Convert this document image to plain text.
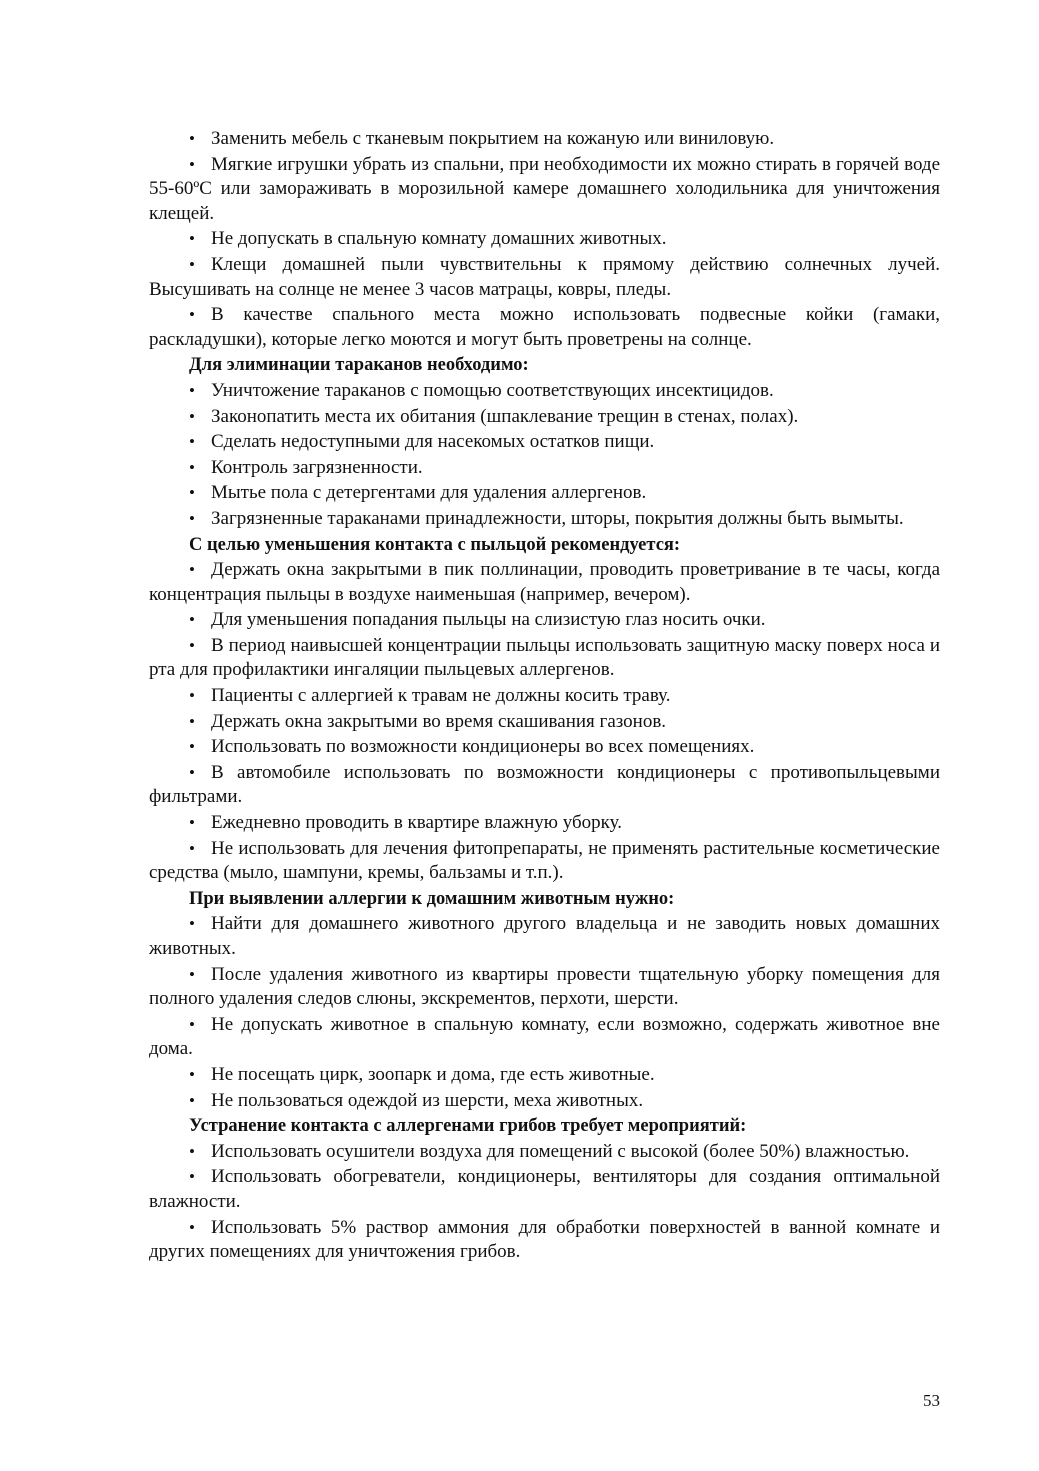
• Заменить мебель с тканевым покрытием на кожаную или виниловую.

• Мягкие игрушки убрать из спальни, при необходимости их можно стирать в горячей воде 55-60ºС или замораживать в морозильной камере домашнего холодильника для уничтожения клещей.

• Не допускать в спальную комнату домашних животных.

• Клещи домашней пыли чувствительны к прямому действию солнечных лучей. Высушивать на солнце не менее 3 часов матрацы, ковры, пледы.

• В качестве спального места можно использовать подвесные койки (гамаки, раскладушки), которые легко моются и могут быть проветрены на солнце.

Для элиминации тараканов необходимо:

• Уничтожение тараканов с помощью соответствующих инсектицидов.

• Законопатить места их обитания (шпаклевание трещин в стенах, полах).

• Сделать недоступными для насекомых остатков пищи.

• Контроль загрязненности.

• Мытье пола с детергентами для удаления аллергенов.

• Загрязненные тараканами принадлежности, шторы, покрытия должны быть вымыты.

С целью уменьшения контакта с пыльцой рекомендуется:

• Держать окна закрытыми в пик поллинации, проводить проветривание в те часы, когда концентрация пыльцы в воздухе наименьшая (например, вечером).

• Для уменьшения попадания пыльцы на слизистую глаз носить очки.

• В период наивысшей концентрации пыльцы использовать защитную маску поверх носа и рта для профилактики ингаляции пыльцевых аллергенов.

• Пациенты с аллергией к травам не должны косить траву.

• Держать окна закрытыми во время скашивания газонов.

• Использовать по возможности кондиционеры во всех помещениях.

• В автомобиле использовать по возможности кондиционеры с противопыльцевыми фильтрами.

• Ежедневно проводить в квартире влажную уборку.

• Не использовать для лечения фитопрепараты, не применять растительные косметические средства (мыло, шампуни, кремы, бальзамы и т.п.).

При выявлении аллергии к домашним животным нужно:

• Найти для домашнего животного другого владельца и не заводить новых домашних животных.

• После удаления животного из квартиры провести тщательную уборку помещения для полного удаления следов слюны, экскрементов, перхоти, шерсти.

• Не допускать животное в спальную комнату, если возможно, содержать животное вне дома.

• Не посещать цирк, зоопарк и дома, где есть животные.

• Не пользоваться одеждой из шерсти, меха животных.

Устранение контакта с аллергенами грибов требует мероприятий:

• Использовать осушители воздуха для помещений с высокой (более 50%) влажностью.

• Использовать обогреватели, кондиционеры, вентиляторы для создания оптимальной влажности.

• Использовать 5% раствор аммония для обработки поверхностей в ванной комнате и других помещениях для уничтожения грибов.

53
